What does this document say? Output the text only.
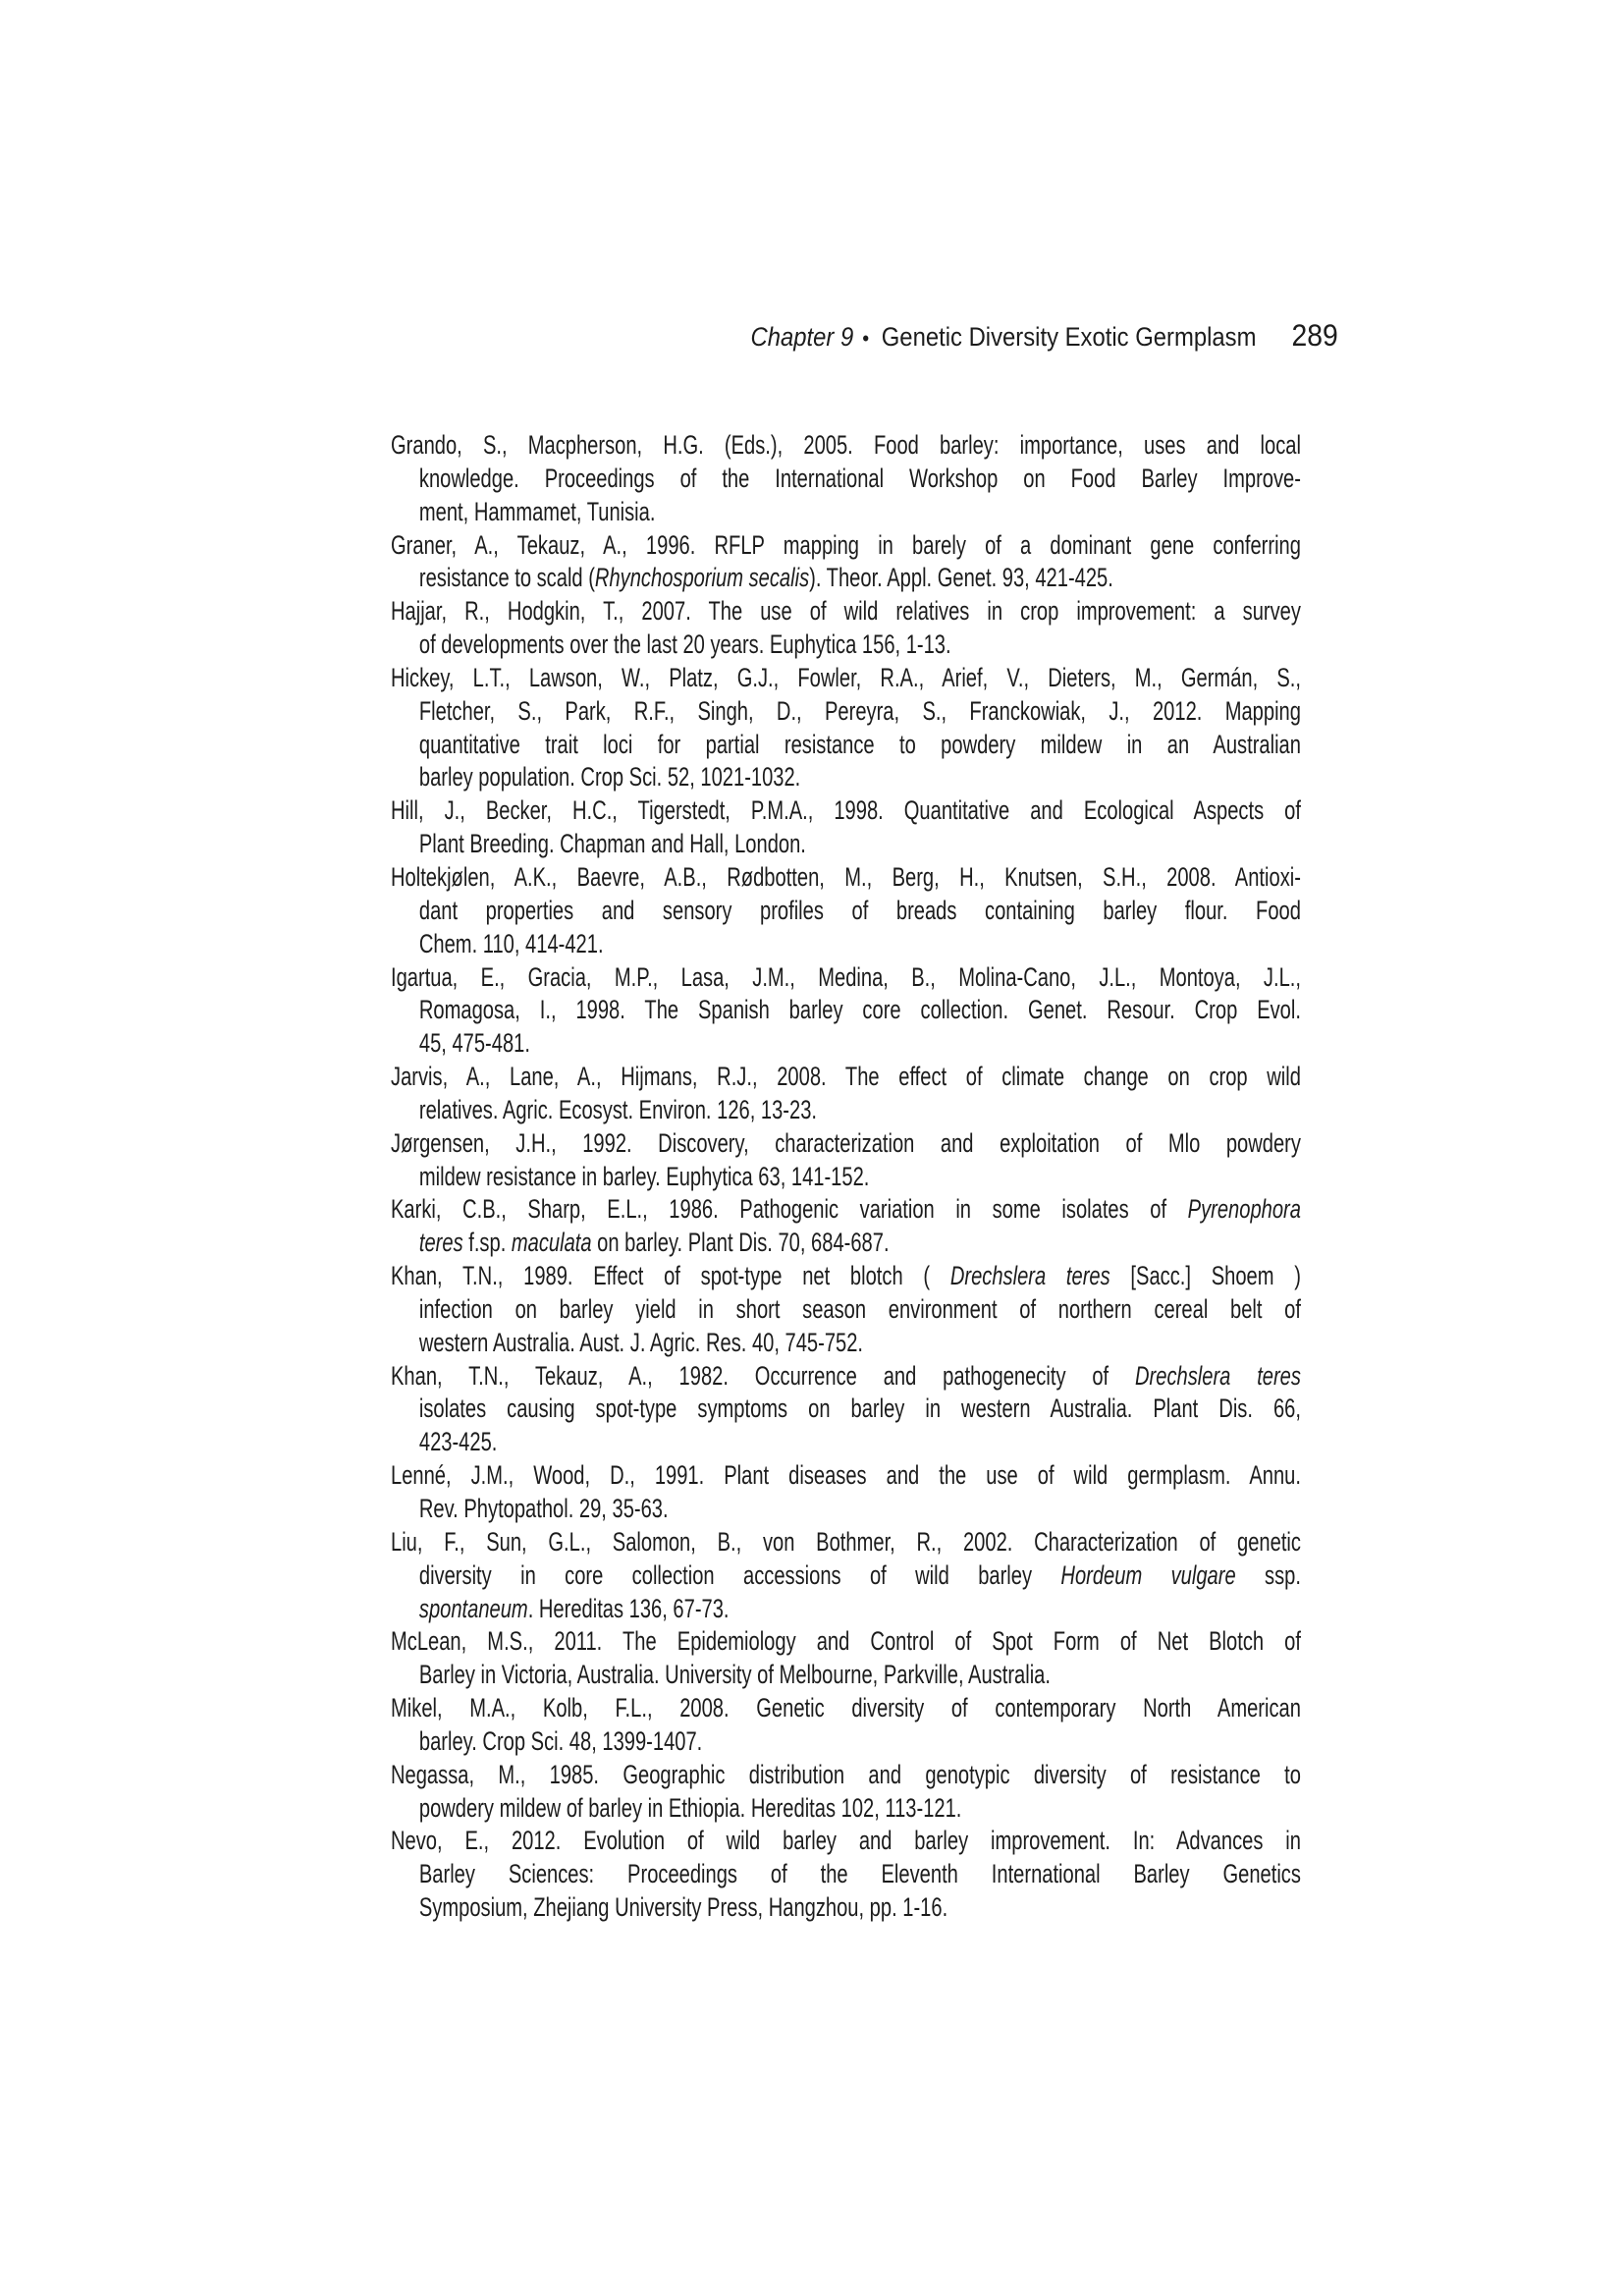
Chapter 9 • Genetic Diversity Exotic Germplasm 289
Grando, S., Macpherson, H.G. (Eds.), 2005. Food barley: importance, uses and local
knowledge. Proceedings of the International Workshop on Food Barley Improve-
ment, Hammamet, Tunisia.
Graner, A., Tekauz, A., 1996. RFLP mapping in barely of a dominant gene conferring
resistance to scald (Rhynchosporium secalis). Theor. Appl. Genet. 93, 421-425.
Hajjar, R., Hodgkin, T., 2007. The use of wild relatives in crop improvement: a survey
of developments over the last 20 years. Euphytica 156, 1-13.
Hickey, L.T., Lawson, W., Platz, G.J., Fowler, R.A., Arief, V., Dieters, M., Germán, S.,
Fletcher, S., Park, R.F., Singh, D., Pereyra, S., Franckowiak, J., 2012. Mapping
quantitative trait loci for partial resistance to powdery mildew in an Australian
barley population. Crop Sci. 52, 1021-1032.
Hill, J., Becker, H.C., Tigerstedt, P.M.A., 1998. Quantitative and Ecological Aspects of
Plant Breeding. Chapman and Hall, London.
Holtekjølen, A.K., Baevre, A.B., Rødbotten, M., Berg, H., Knutsen, S.H., 2008. Antioxi-
dant properties and sensory profiles of breads containing barley flour. Food
Chem. 110, 414-421.
Igartua, E., Gracia, M.P., Lasa, J.M., Medina, B., Molina-Cano, J.L., Montoya, J.L.,
Romagosa, I., 1998. The Spanish barley core collection. Genet. Resour. Crop Evol.
45, 475-481.
Jarvis, A., Lane, A., Hijmans, R.J., 2008. The effect of climate change on crop wild
relatives. Agric. Ecosyst. Environ. 126, 13-23.
Jørgensen, J.H., 1992. Discovery, characterization and exploitation of Mlo powdery
mildew resistance in barley. Euphytica 63, 141-152.
Karki, C.B., Sharp, E.L., 1986. Pathogenic variation in some isolates of Pyrenophora
teres f.sp. maculata on barley. Plant Dis. 70, 684-687.
Khan, T.N., 1989. Effect of spot-type net blotch ( Drechslera teres [Sacc.] Shoem )
infection on barley yield in short season environment of northern cereal belt of
western Australia. Aust. J. Agric. Res. 40, 745-752.
Khan, T.N., Tekauz, A., 1982. Occurrence and pathogenecity of Drechslera teres
isolates causing spot-type symptoms on barley in western Australia. Plant Dis. 66,
423-425.
Lenné, J.M., Wood, D., 1991. Plant diseases and the use of wild germplasm. Annu.
Rev. Phytopathol. 29, 35-63.
Liu, F., Sun, G.L., Salomon, B., von Bothmer, R., 2002. Characterization of genetic
diversity in core collection accessions of wild barley Hordeum vulgare ssp.
spontaneum. Hereditas 136, 67-73.
McLean, M.S., 2011. The Epidemiology and Control of Spot Form of Net Blotch of
Barley in Victoria, Australia. University of Melbourne, Parkville, Australia.
Mikel, M.A., Kolb, F.L., 2008. Genetic diversity of contemporary North American
barley. Crop Sci. 48, 1399-1407.
Negassa, M., 1985. Geographic distribution and genotypic diversity of resistance to
powdery mildew of barley in Ethiopia. Hereditas 102, 113-121.
Nevo, E., 2012. Evolution of wild barley and barley improvement. In: Advances in
Barley Sciences: Proceedings of the Eleventh International Barley Genetics
Symposium, Zhejiang University Press, Hangzhou, pp. 1-16.
